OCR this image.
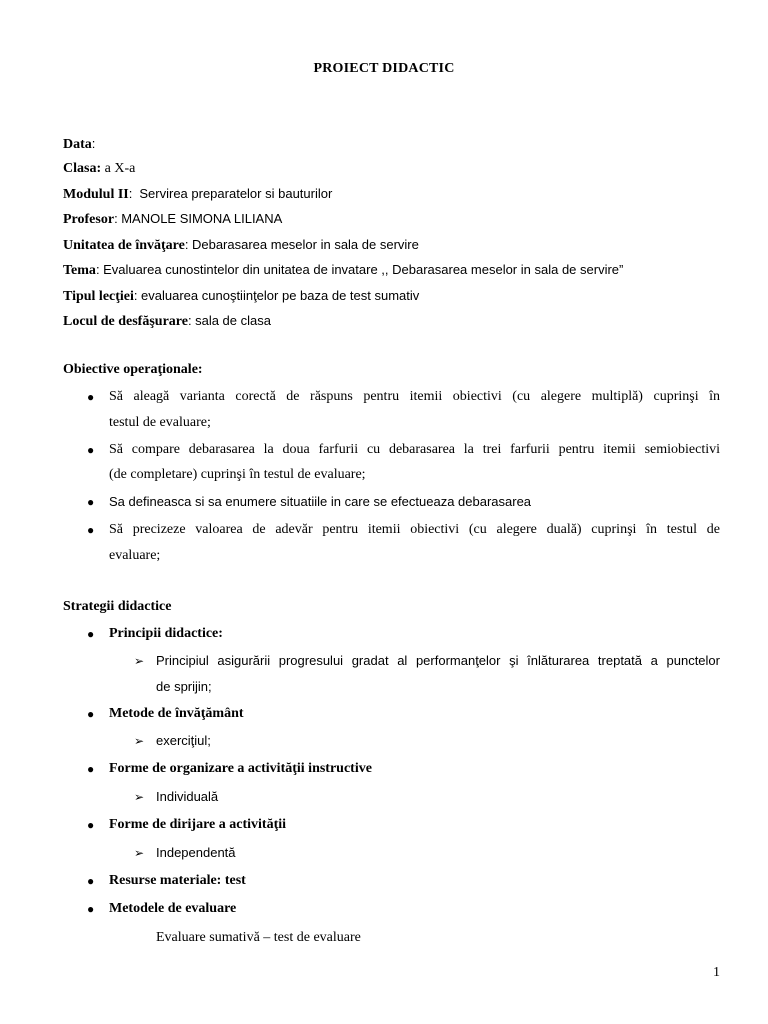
PROIECT DIDACTIC
Data:
Clasa: a X-a
Modulul II: Servirea preparatelor si bauturilor
Profesor: MANOLE SIMONA LILIANA
Unitatea de învăţare: Debarasarea meselor in sala de servire
Tema: Evaluarea cunostintelor din unitatea de invatare ,, Debarasarea meselor in sala de servire”
Tipul lecţiei: evaluarea cunoştiinţelor pe baza de test sumativ
Locul de desfăşurare: sala de clasa
Obiective operaţionale:
● Să aleagă varianta corectă de răspuns pentru itemii obiectivi (cu alegere multiplă) cuprinşi în
testul de evaluare;
● Să compare debarasarea la doua farfurii cu debarasarea la trei farfurii pentru itemii semiobiectivi
(de completare) cuprinşi în testul de evaluare;
● Sa defineasca si sa enumere situatiile in care se efectueaza debarasarea
● Să precizeze valoarea de adevăr pentru itemii obiectivi (cu alegere duală) cuprinşi în testul de
evaluare;
Strategii didactice
● Principii didactice:
➢ Principiul asigurării progresului gradat al performanţelor şi înlăturarea treptată a punctelor
de sprijin;
● Metode de învăţământ
➢ exerciţiul;
● Forme de organizare a activităţii instructive
➢ Individuală
● Forme de dirijare a activităţii
➢ Independentă
● Resurse materiale: test
● Metodele de evaluare
Evaluare sumativă – test de evaluare
1
